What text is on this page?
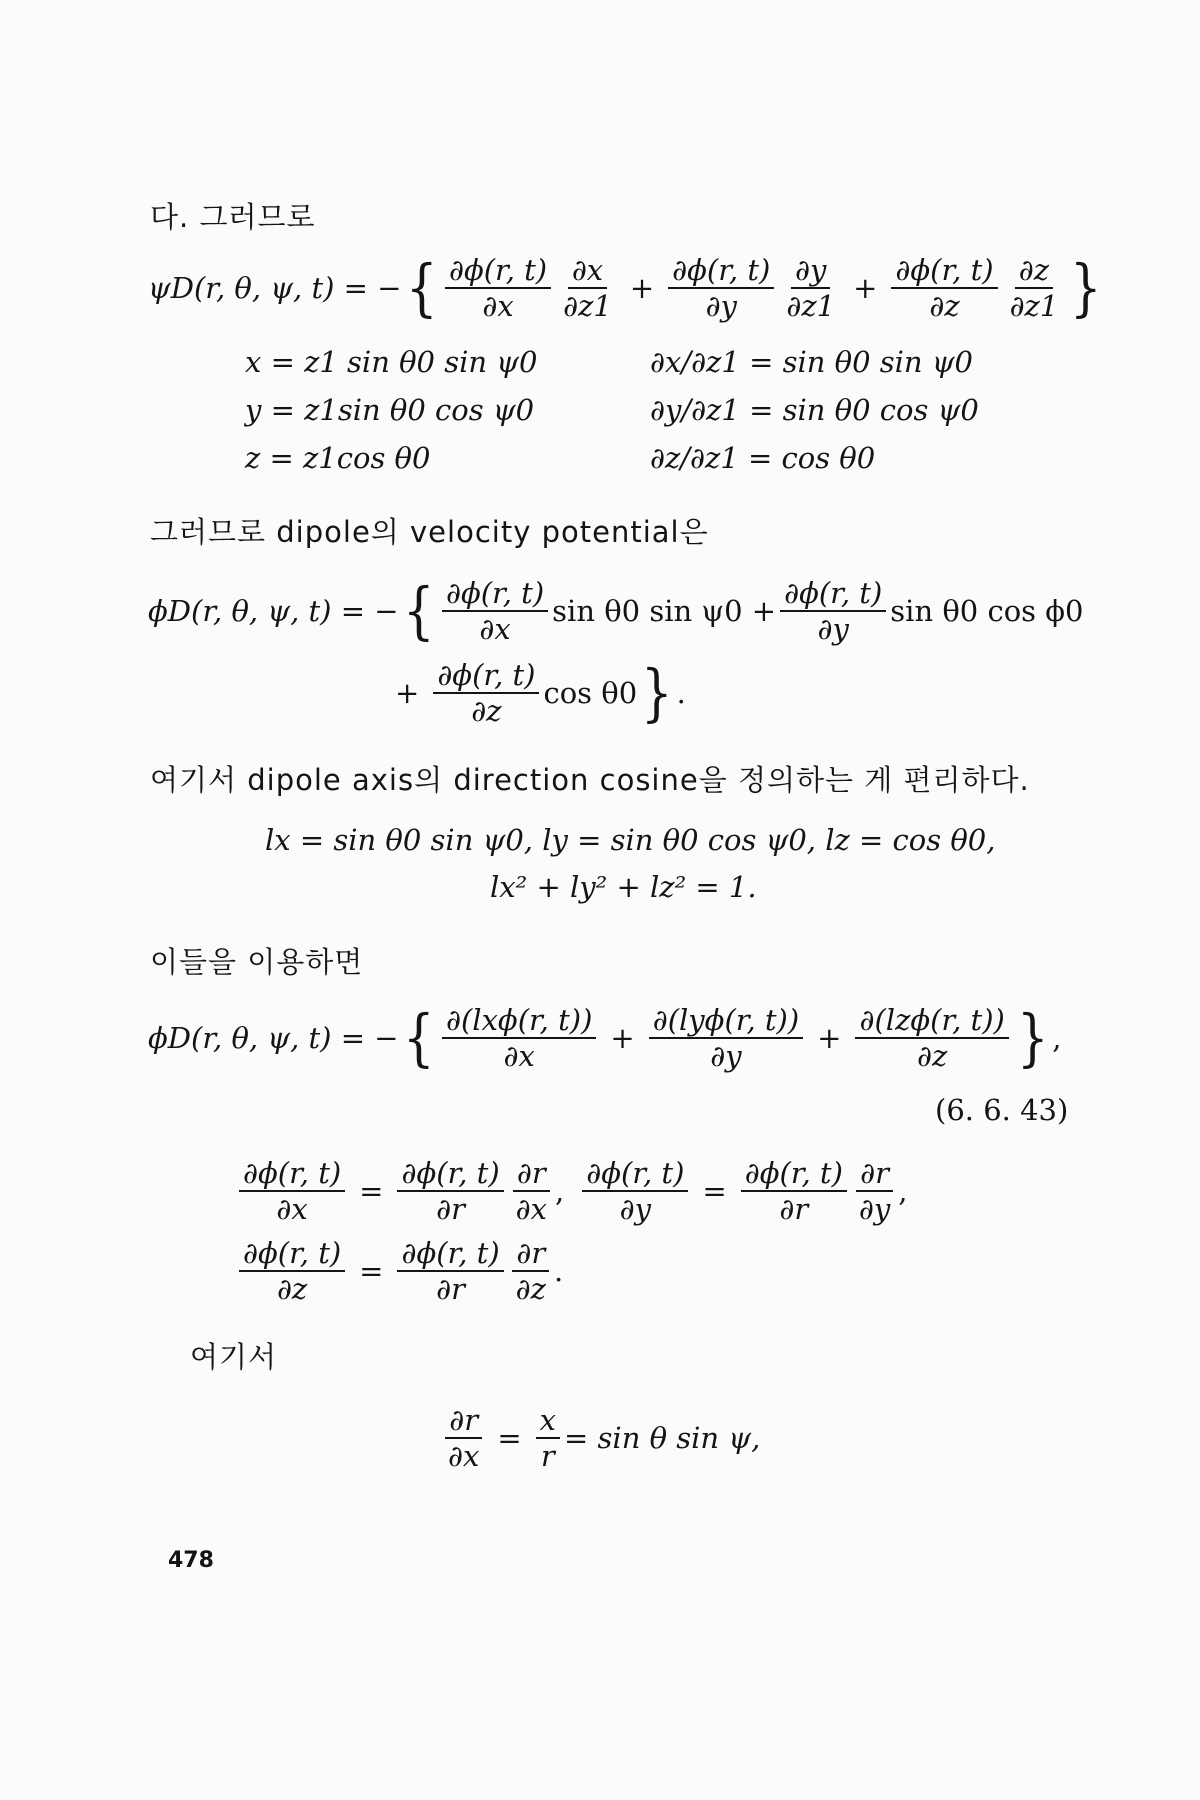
다. 그러므로
ψD(r, θ, ψ, t) = − { $\frac{\partial\phi(r, t)}{\partial x} \frac{\partial x}{\partial z1} + \frac{\partial\phi(r, t)}{\partial y} \frac{\partial y}{\partial z1} + \frac{\partial\phi(r, t)}{\partial z} \frac{\partial z}{\partial z1}$ }
x = z1 sin θ0 sin ψ0
y = z1sin θ0 cos ψ0
z = z1cos θ0
∂x/∂z1 = sin θ0 sin ψ0
∂y/∂z1 = sin θ0 cos ψ0
∂z/∂z1 = cos θ0
그러므로 dipole의 velocity potential은
ϕD(r, θ, ψ, t) = − { $\frac{\partial\phi(r, t)}{\partial x}$ sin θ0 $\sin \psi 0 + \frac{\partial\phi(r, t)}{\partial y}$ sin θ0 cos ϕ0
+ $\frac{\partial\phi(r, t)}{\partial z}$ cos θ0 } .
여기서 dipole axis의 direction cosine을 정의하는 게 편리하다.
lx = sin θ0 sin ψ0, ly = sin θ0 cos ψ0, lz = cos θ0,
lx² + ly² + lz² = 1.
이들을 이용하면
ϕD(r, θ, ψ, t) = − { $\frac{\text{∂(lxϕ(r, t))}}{\partial x} + \frac{\text{∂(lyϕ(r, t))}}{\partial y} + \frac{\text{∂(lzϕ(r, t))}}{\partial z}$ } ,
(6. 6. 43)
$\frac{\partial\phi(r, t)}{\partial x} = \frac{\partial\phi(r, t)}{\partial r} \frac{\partial r}{\partial x}$ , $\frac{\partial\phi(r, t)}{\partial y} = \frac{\partial\phi(r, t)}{\partial r} \frac{\partial r}{\partial y}$ ,
$\frac{\partial\phi(r, t)}{\partial z} = \frac{\partial\phi(r, t)}{\partial r} \frac{\partial r}{\partial z}$ .
여기서
$\frac{\partial r}{\partial x} = \frac{x}{r} = \sin \theta$ sin ψ,
478
